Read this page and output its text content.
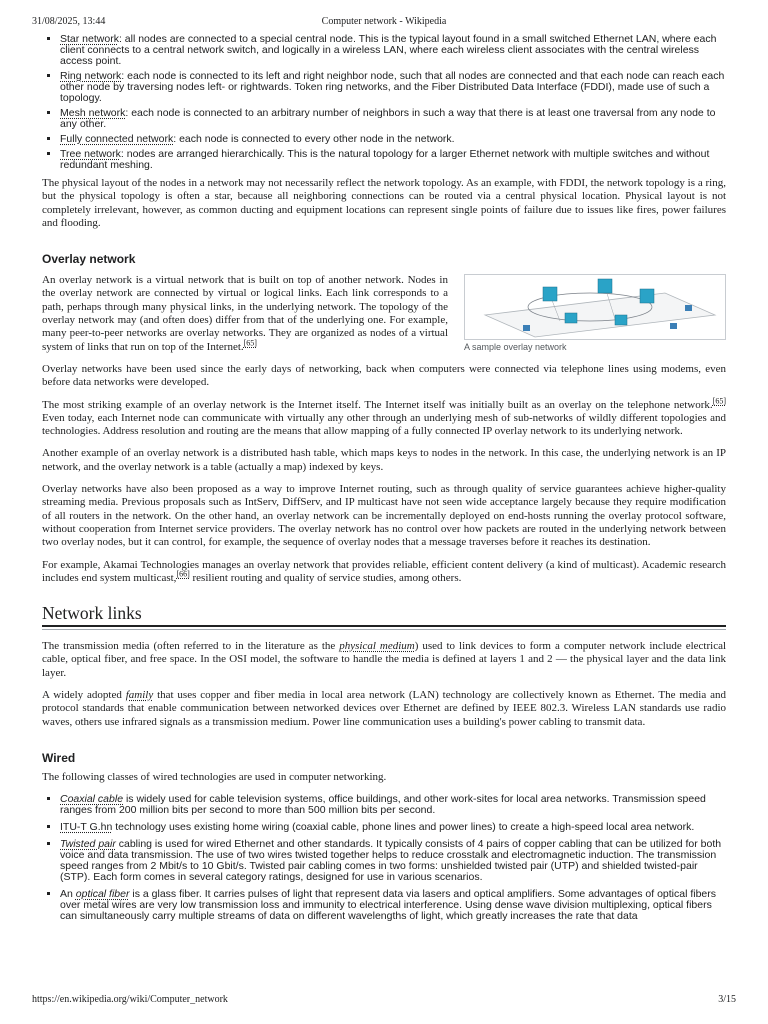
31/08/2025, 13:44	Computer network - Wikipedia
▪ Star network: all nodes are connected to a special central node. This is the typical layout found in a small switched Ethernet LAN, where each client connects to a central network switch, and logically in a wireless LAN, where each wireless client associates with the central wireless access point.
▪ Ring network: each node is connected to its left and right neighbor node, such that all nodes are connected and that each node can reach each other node by traversing nodes left- or rightwards. Token ring networks, and the Fiber Distributed Data Interface (FDDI), made use of such a topology.
▪ Mesh network: each node is connected to an arbitrary number of neighbors in such a way that there is at least one traversal from any node to any other.
▪ Fully connected network: each node is connected to every other node in the network.
▪ Tree network: nodes are arranged hierarchically. This is the natural topology for a larger Ethernet network with multiple switches and without redundant meshing.

The physical layout of the nodes in a network may not necessarily reflect the network topology. As an example, with FDDI, the network topology is a ring, but the physical topology is often a star, because all neighboring connections can be routed via a central physical location. Physical layout is not completely irrelevant, however, as common ducting and equipment locations can represent single points of failure due to issues like fires, power failures and flooding.

Overlay network

An overlay network is a virtual network that is built on top of another network. Nodes in the overlay network are connected by virtual or logical links. Each link corresponds to a path, perhaps through many physical links, in the underlying network. The topology of the overlay network may (and often does) differ from that of the underlying one. For example, many peer-to-peer networks are overlay networks. They are organized as nodes of a virtual system of links that run on top of the Internet.[65]	A sample overlay network

Overlay networks have been used since the early days of networking, back when computers were connected via telephone lines using modems, even before data networks were developed.

The most striking example of an overlay network is the Internet itself. The Internet itself was initially built as an overlay on the telephone network.[65] Even today, each Internet node can communicate with virtually any other through an underlying mesh of sub-networks of wildly different topologies and technologies. Address resolution and routing are the means that allow mapping of a fully connected IP overlay network to its underlying network.

Another example of an overlay network is a distributed hash table, which maps keys to nodes in the network. In this case, the underlying network is an IP network, and the overlay network is a table (actually a map) indexed by keys.

Overlay networks have also been proposed as a way to improve Internet routing, such as through quality of service guarantees achieve higher-quality streaming media. Previous proposals such as IntServ, DiffServ, and IP multicast have not seen wide acceptance largely because they require modification of all routers in the network. On the other hand, an overlay network can be incrementally deployed on end-hosts running the overlay protocol software, without cooperation from Internet service providers. The overlay network has no control over how packets are routed in the underlying network between two overlay nodes, but it can control, for example, the sequence of overlay nodes that a message traverses before it reaches its destination.

For example, Akamai Technologies manages an overlay network that provides reliable, efficient content delivery (a kind of multicast). Academic research includes end system multicast,[66] resilient routing and quality of service studies, among others.

Network links

The transmission media (often referred to in the literature as the physical medium) used to link devices to form a computer network include electrical cable, optical fiber, and free space. In the OSI model, the software to handle the media is defined at layers 1 and 2 — the physical layer and the data link layer.

A widely adopted family that uses copper and fiber media in local area network (LAN) technology are collectively known as Ethernet. The media and protocol standards that enable communication between networked devices over Ethernet are defined by IEEE 802.3. Wireless LAN standards use radio waves, others use infrared signals as a transmission medium. Power line communication uses a building's power cabling to transmit data.

Wired

The following classes of wired technologies are used in computer networking.

▪ Coaxial cable is widely used for cable television systems, office buildings, and other work-sites for local area networks. Transmission speed ranges from 200 million bits per second to more than 500 million bits per second.
▪ ITU-T G.hn technology uses existing home wiring (coaxial cable, phone lines and power lines) to create a high-speed local area network.
▪ Twisted pair cabling is used for wired Ethernet and other standards. It typically consists of 4 pairs of copper cabling that can be utilized for both voice and data transmission. The use of two wires twisted together helps to reduce crosstalk and electromagnetic induction. The transmission speed ranges from 2 Mbit/s to 10 Gbit/s. Twisted pair cabling comes in two forms: unshielded twisted pair (UTP) and shielded twisted-pair (STP). Each form comes in several category ratings, designed for use in various scenarios.
▪ An optical fiber is a glass fiber. It carries pulses of light that represent data via lasers and optical amplifiers. Some advantages of optical fibers over metal wires are very low transmission loss and immunity to electrical interference. Using dense wave division multiplexing, optical fibers can simultaneously carry multiple streams of data on different wavelengths of light, which greatly increases the rate that data
https://en.wikipedia.org/wiki/Computer_network	3/15
